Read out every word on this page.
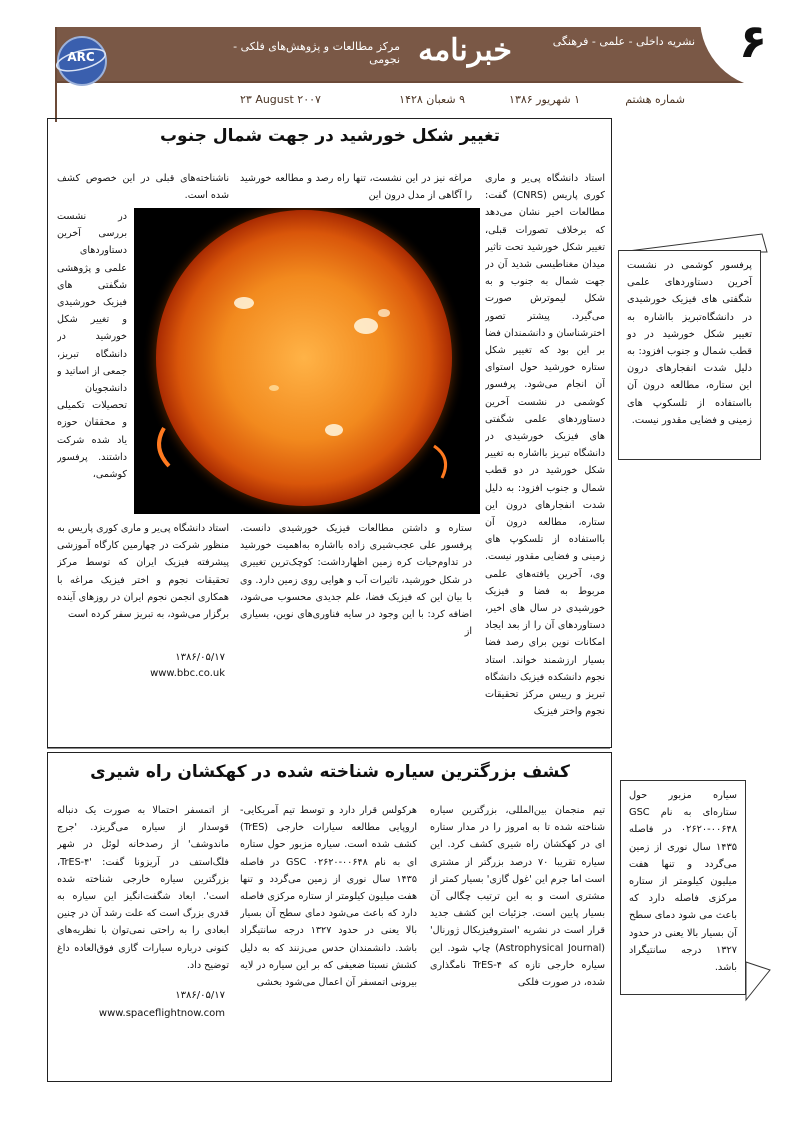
۶
ARC
نشریه داخلی - علمی - فرهنگی
خبرنامه
مرکز مطالعات و پژوهش‌های فلکی - نجومی
شماره هشتم
۱ شهریور ۱۳۸۶
۹ شعبان ۱۴۲۸
۲۳ August ۲۰۰۷
تغییر شکل خورشید در جهت شمال جنوب
استاد دانشگاه پی‌یر و ماری کوری پاریس (CNRS) گفت: مطالعات اخیر نشان می‌دهد که برخلاف تصورات قبلی، تغییر شکل خورشید تحت تاثیر میدان مغناطیسی شدید آن در جهت شمال به جنوب و به شکل لیموترش صورت می‌گیرد. پیشتر تصور اخترشناسان و دانشمندان فضا بر این بود که تغییر شکل ستاره خورشید حول استوای آن انجام می‌شود. پرفسور کوشمی در نشست آخرین دستاوردهای علمی شگفتی های فیزیک خورشیدی در دانشگاه تبریز بااشاره به تغییر شکل خورشید در دو قطب شمال و جنوب افزود: به دلیل شدت انفجارهای درون این ستاره، مطالعه درون آن بااستفاده از تلسکوپ های زمینی و فضایی مقدور نیست. وی، آخرین یافته‌های علمی مربوط به فضا و فیزیک خورشیدی در سال های اخیر، دستاوردهای آن را از بعد ایجاد امکانات نوین برای رصد فضا بسیار ارزشمند خواند. استاد نجوم دانشکده فیزیک دانشگاه تبریز و رییس مرکز تحقیقات نجوم واختر فیزیک
مراغه نیز در این نشست، تنها راه رصد و مطالعه خورشید را آگاهی از مدل درون این
ستاره و داشتن مطالعات فیزیک خورشیدی دانست. پرفسور علی عجب‌شیری زاده بااشاره به‌اهمیت خورشید در تداوم‌حیات کره زمین اظهارداشت: کوچک‌ترین تغییری در شکل خورشید، تاثیرات آب و هوایی روی زمین دارد. وی با بیان این که فیزیک فضا، علم جدیدی محسوب می‌شود، اضافه کرد: با این وجود در سایه فناوری‌های نوین، بسیاری از
ناشناخته‌های قبلی در این خصوص کشف شده است.
در نشست بررسی آخرین دستاوردهای علمی و پژوهشی شگفتی های فیزیک خورشیدی و تغییر شکل خورشید در دانشگاه تبریز، جمعی از اساتید و دانشجویان تحصیلات تکمیلی و محققان حوزه یاد شده شرکت داشتند. پرفسور کوشمی،
استاد دانشگاه پی‌یر و ماری کوری پاریس به منظور شرکت در چهارمین کارگاه آموزشی پیشرفته فیزیک ایران که توسط مرکز تحقیقات نجوم و اختر فیزیک مراغه با همکاری انجمن نجوم ایران در روزهای آینده برگزار می‌شود، به تبریز سفر کرده است
۱۳۸۶/۰۵/۱۷
www.bbc.co.uk
پرفسور کوشمی در نشست آخرین دستاوردهای علمی شگفتی های فیزیک خورشیدی در دانشگاه‌تبریز بااشاره به تغییر شکل خورشید در دو قطب شمال و جنوب افزود: به دلیل شدت انفجارهای درون این ستاره، مطالعه درون آن بااستفاده از تلسکوپ های زمینی و فضایی مقدور نیست.
کشف بزرگترین سیاره شناخته شده در کهکشان راه شیری
تیم منجمان بین‌المللی، بزرگترین سیاره شناخته شده تا به امروز را در مدار ستاره ای در کهکشان راه شیری کشف کرد. این سیاره تقریبا ۷۰ درصد بزرگتر از مشتری است اما جرم این 'غول گازی' بسیار کمتر از مشتری است و به این ترتیب چگالی آن بسیار پایین است. جزئیات این کشف جدید قرار است در نشریه 'استروفیزیکال ژورنال' (Astrophysical Journal) چاپ شود. این سیاره خارجی تازه که TrES-۴ نامگذاری شده، در صورت فلکی
هرکولس قرار دارد و توسط تیم آمریکایی-اروپایی مطالعه سیارات خارجی (TrES) کشف شده است. سیاره مزبور حول ستاره ای به نام GSC ۰۲۶۲۰-۰۰۶۴۸ در فاصله ۱۴۳۵ سال نوری از زمین می‌گردد و تنها هفت میلیون کیلومتر از ستاره مرکزی فاصله دارد که باعث می‌شود دمای سطح آن بسیار بالا یعنی در حدود ۱۳۲۷ درجه سانتیگراد باشد. دانشمندان حدس می‌زنند که به دلیل کشش نسبتا ضعیفی که بر این سیاره در لایه بیرونی اتمسفر آن اعمال می‌شود بخشی
از اتمسفر احتمالا به صورت یک دنباله قوسدار از سیاره می‌گریزد. 'جرج ماندوشف' از رصدخانه لوئل در شهر فلگ‌استف در آریزونا گفت: 'TrES-۴، بزرگترین سیاره خارجی شناخته شده است'. ابعاد شگفت‌انگیز این سیاره به قدری بزرگ است که علت رشد آن در چنین ابعادی را به راحتی نمی‌توان با نظریه‌های کنونی درباره سیارات گازی فوق‌العاده داغ توضیح داد.
۱۳۸۶/۰۵/۱۷
www.spaceflightnow.com
سیاره مزبور حول ستاره‌ای به نام GSC ۰۲۶۲۰-۰۰۶۴۸ در فاصله ۱۴۳۵ سال نوری از زمین می‌گردد و تنها هفت میلیون کیلومتر از ستاره مرکزی فاصله دارد که باعث می شود دمای سطح آن بسیار بالا یعنی در حدود ۱۳۲۷ درجه سانتیگراد باشد.
